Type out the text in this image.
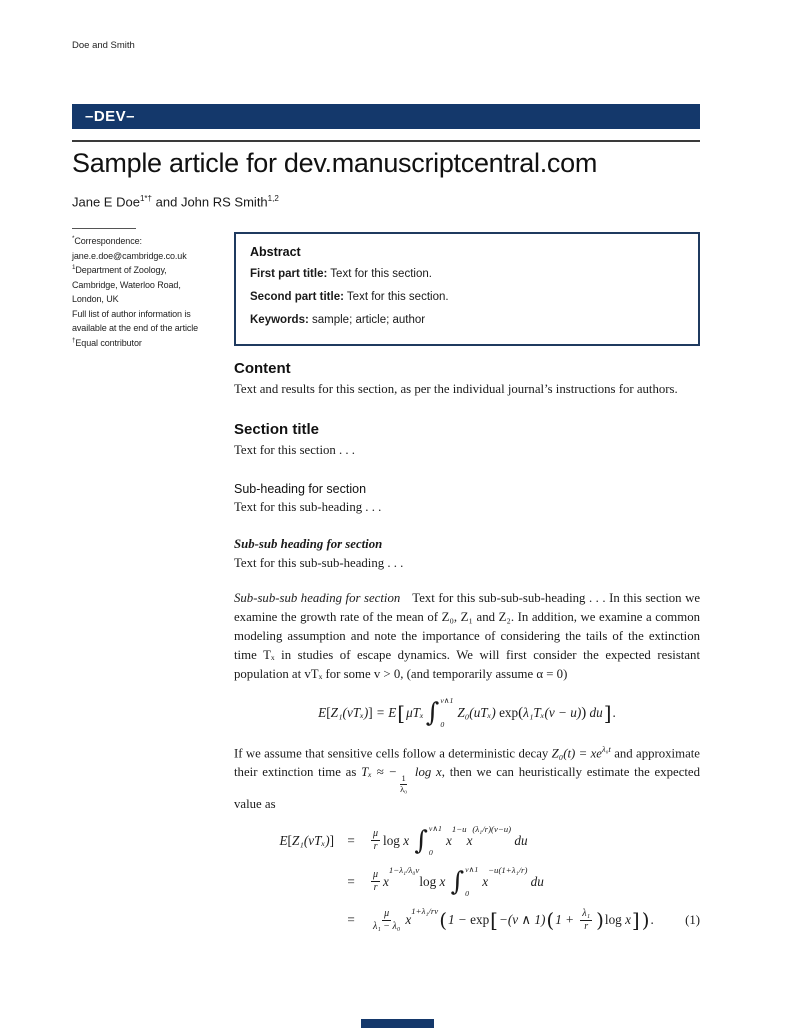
Doe and Smith
–DEV–
Sample article for dev.manuscriptcentral.com
Jane E Doe$^{1*\dagger}$ and John RS Smith$^{1,2}$
*Correspondence:
jane.e.doe@cambridge.co.uk
$^1$Department of Zoology,
Cambridge, Waterloo Road,
London, UK
Full list of author information is
available at the end of the article
†Equal contributor
Abstract

First part title: Text for this section.

Second part title: Text for this section.

Keywords: sample; article; author

Content

Text and results for this section, as per the individual journal’s instructions for authors.

Section title

Text for this section . . .

Sub-heading for section

Text for this sub-heading . . .

Sub-sub heading for section

Text for this sub-sub-heading . . .

Sub-sub-sub heading for section Text for this sub-sub-sub-heading . . . In this section we examine the growth rate of the mean of Z₀, Z₁ and Z₂. In addition, we examine a common modeling assumption and note the importance of considering the tails of the extinction time Tₓ in studies of escape dynamics. We will first consider the expected resistant population at vTₓ for some v > 0, (and temporarily assume α = 0)

E [ Z₁(vTₓ) ] = E [ μTₓ ∫ v∧1
0
Z₀(uTₓ) exp ( λ₁Tₓ(v − u) ) du ] .

If we assume that sensitive cells follow a deterministic decay $Z_0(t) = xe^{\lambda_0t}$ and approximate their extinction time as Tₓ ≈ −
$\frac{1}{\text{λ₀}}$
log x, then we can heuristically estimate the expected value as

E [ Z₁(vTₓ) ] =	μ
r log x ∫ v∧1
0
x
1−u
x
(λ₁/r)(v−u)
du
=	μ
r x
1−λ₁/λ₀v
log x ∫ v∧1
0
x
−u(1+λ₁/r)
du
=	μ
λ₁ − λ₀ x
1+λ₁/rv ( 1 − exp [ −(v ∧ 1) ( $1 + \frac{\text{λ₁}}{r}$ ) log x ] ) . (1)
